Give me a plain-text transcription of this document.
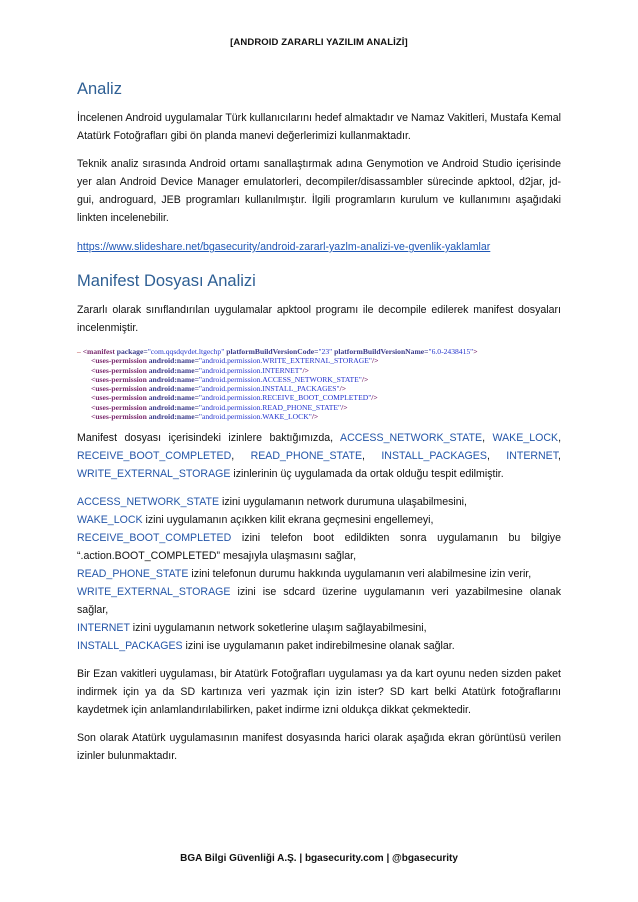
[ANDROID ZARARLI YAZILIM ANALİZİ]
Analiz

İncelenen Android uygulamalar Türk kullanıcılarını hedef almaktadır ve Namaz Vakitleri, Mustafa Kemal Atatürk Fotoğrafları gibi ön planda manevi değerlerimizi kullanmaktadır.

Teknik analiz sırasında Android ortamı sanallaştırmak adına Genymotion ve Android Studio içerisinde yer alan Android Device Manager emulatorleri, decompiler/disassambler sürecinde apktool, d2jar, jd-gui, androguard, JEB programları kullanılmıştır. İlgili programların kurulum ve kullanımını aşağıdaki linkten incelenebilir.

https://www.slideshare.net/bgasecurity/android-zararl-yazlm-analizi-ve-gvenlik-yaklamlar
Manifest Dosyası Analizi

Zararlı olarak sınıflandırılan uygulamalar apktool programı ile decompile edilerek manifest dosyaları incelenmiştir.

– <manifest package="com.qqsdqvdet.ltgechp" platformBuildVersionCode="23" platformBuildVersionName="6.0-2438415">
<uses-permission android:name="android.permission.WRITE_EXTERNAL_STORAGE"/>
<uses-permission android:name="android.permission.INTERNET"/>
<uses-permission android:name="android.permission.ACCESS_NETWORK_STATE"/>
<uses-permission android:name="android.permission.INSTALL_PACKAGES"/>
<uses-permission android:name="android.permission.RECEIVE_BOOT_COMPLETED"/>
<uses-permission android:name="android.permission.READ_PHONE_STATE"/>
<uses-permission android:name="android.permission.WAKE_LOCK"/>

Manifest dosyası içerisindeki izinlere baktığımızda, ACCESS_NETWORK_STATE, WAKE_LOCK, RECEIVE_BOOT_COMPLETED, READ_PHONE_STATE, INSTALL_PACKAGES, INTERNET, WRITE_EXTERNAL_STORAGE izinlerinin üç uygulamada da ortak olduğu tespit edilmiştir.

ACCESS_NETWORK_STATE izini uygulamanın network durumuna ulaşabilmesini,

WAKE_LOCK izini uygulamanın açıkken kilit ekrana geçmesini engellemeyi,

RECEIVE_BOOT_COMPLETED izini telefon boot edildikten sonra uygulamanın bu bilgiye “.action.BOOT_COMPLETED” mesajıyla ulaşmasını sağlar,

READ_PHONE_STATE izini telefonun durumu hakkında uygulamanın veri alabilmesine izin verir,

WRITE_EXTERNAL_STORAGE izini ise sdcard üzerine uygulamanın veri yazabilmesine olanak sağlar,

INTERNET izini uygulamanın network soketlerine ulaşım sağlayabilmesini,

INSTALL_PACKAGES izini ise uygulamanın paket indirebilmesine olanak sağlar.

Bir Ezan vakitleri uygulaması, bir Atatürk Fotoğrafları uygulaması ya da kart oyunu neden sizden paket indirmek için ya da SD kartınıza veri yazmak için izin ister? SD kart belki Atatürk fotoğraflarını kaydetmek için anlamlandırılabilirken, paket indirme izni oldukça dikkat çekmektedir.

Son olarak Atatürk uygulamasının manifest dosyasında harici olarak aşağıda ekran görüntüsü verilen izinler bulunmaktadır.

BGA Bilgi Güvenliği A.Ş. | bgasecurity.com | @bgasecurity
